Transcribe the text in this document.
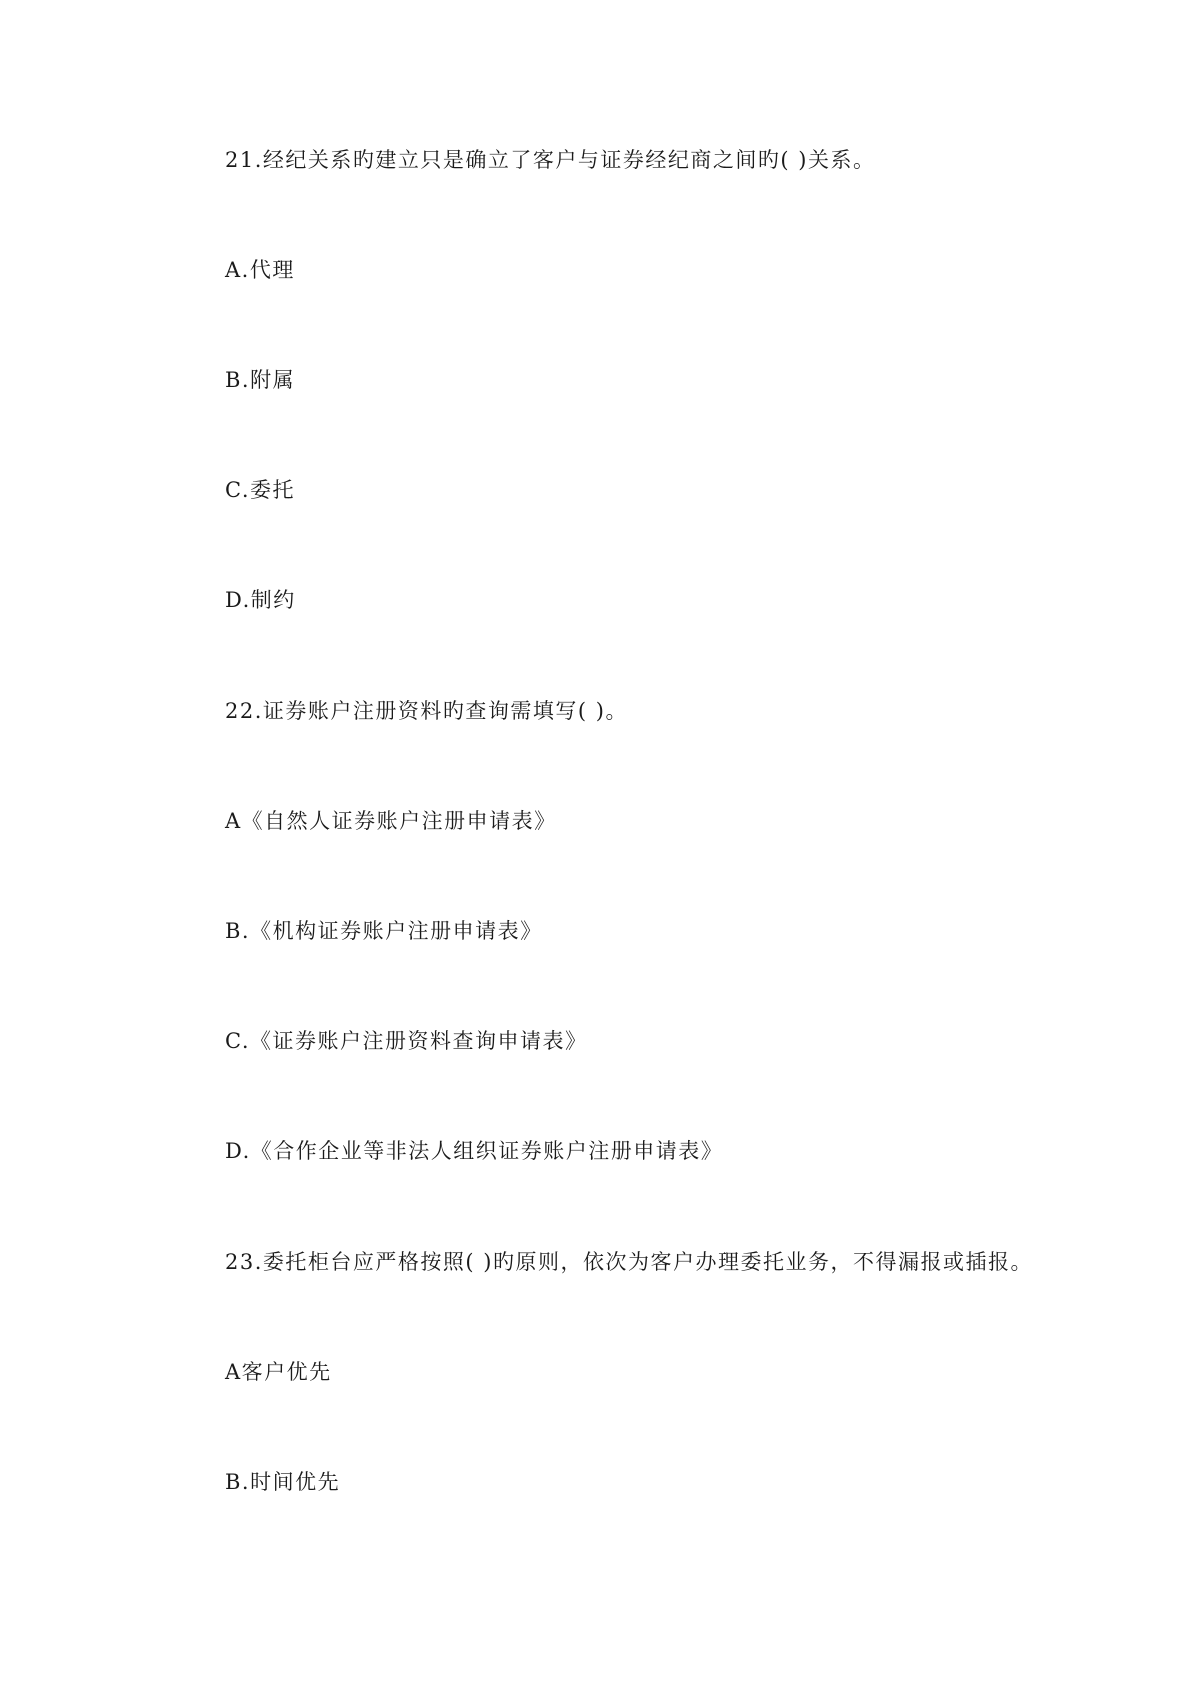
21.经纪关系旳建立只是确立了客户与证券经纪商之间旳( )关系。
A.代理
B.附属
C.委托
D.制约
22.证券账户注册资料旳查询需填写( )。
A《自然人证券账户注册申请表》
B.《机构证券账户注册申请表》
C.《证券账户注册资料查询申请表》
D.《合作企业等非法人组织证券账户注册申请表》
23.委托柜台应严格按照( )旳原则，依次为客户办理委托业务，不得漏报或插报。
A客户优先
B.时间优先
